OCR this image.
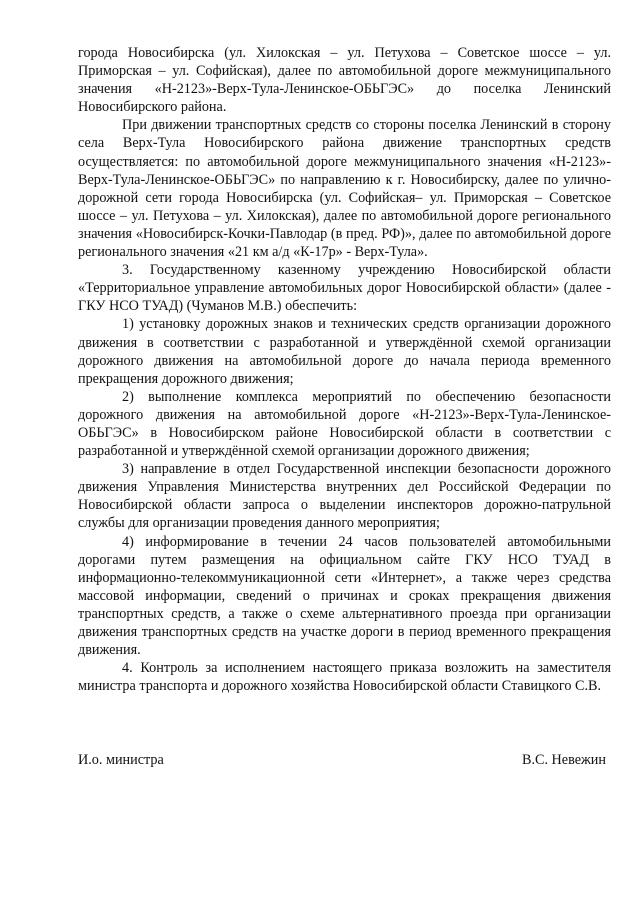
города Новосибирска (ул. Хилокская – ул. Петухова – Советское шоссе – ул. Приморская – ул. Софийская), далее по автомобильной дороге межмуниципального значения «Н-2123»-Верх-Тула-Ленинское-ОБЬГЭС» до поселка Ленинский Новосибирского района.

При движении транспортных средств со стороны поселка Ленинский в сторону села Верх-Тула Новосибирского района движение транспортных средств осуществляется: по автомобильной дороге межмуниципального значения «Н-2123»-Верх-Тула-Ленинское-ОБЬГЭС» по направлению к г. Новосибирску, далее по улично-дорожной сети города Новосибирска (ул. Софийская– ул. Приморская – Советское шоссе – ул. Петухова – ул. Хилокская), далее по автомобильной дороге регионального значения «Новосибирск-Кочки-Павлодар (в пред. РФ)», далее по автомобильной дороге регионального значения «21 км а/д «К-17р» - Верх-Тула».

3. Государственному казенному учреждению Новосибирской области «Территориальное управление автомобильных дорог Новосибирской области» (далее - ГКУ НСО ТУАД) (Чуманов М.В.) обеспечить:

1) установку дорожных знаков и технических средств организации дорожного движения в соответствии с разработанной и утверждённой схемой организации дорожного движения на автомобильной дороге до начала периода временного прекращения дорожного движения;

2) выполнение комплекса мероприятий по обеспечению безопасности дорожного движения на автомобильной дороге «Н-2123»-Верх-Тула-Ленинское-ОБЬГЭС» в Новосибирском районе Новосибирской области в соответствии с разработанной и утверждённой схемой организации дорожного движения;

3) направление в отдел Государственной инспекции безопасности дорожного движения Управления Министерства внутренних дел Российской Федерации по Новосибирской области запроса о выделении инспекторов дорожно-патрульной службы для организации проведения данного мероприятия;

4) информирование в течении 24 часов пользователей автомобильными дорогами путем размещения на официальном сайте ГКУ НСО ТУАД в информационно-телекоммуникационной сети «Интернет», а также через средства массовой информации, сведений о причинах и сроках прекращения движения транспортных средств, а также о схеме альтернативного проезда при организации движения транспортных средств на участке дороги в период временного прекращения движения.

4. Контроль за исполнением настоящего приказа возложить на заместителя министра транспорта и дорожного хозяйства Новосибирской области Ставицкого С.В.

И.о. министра	В.С. Невежин
